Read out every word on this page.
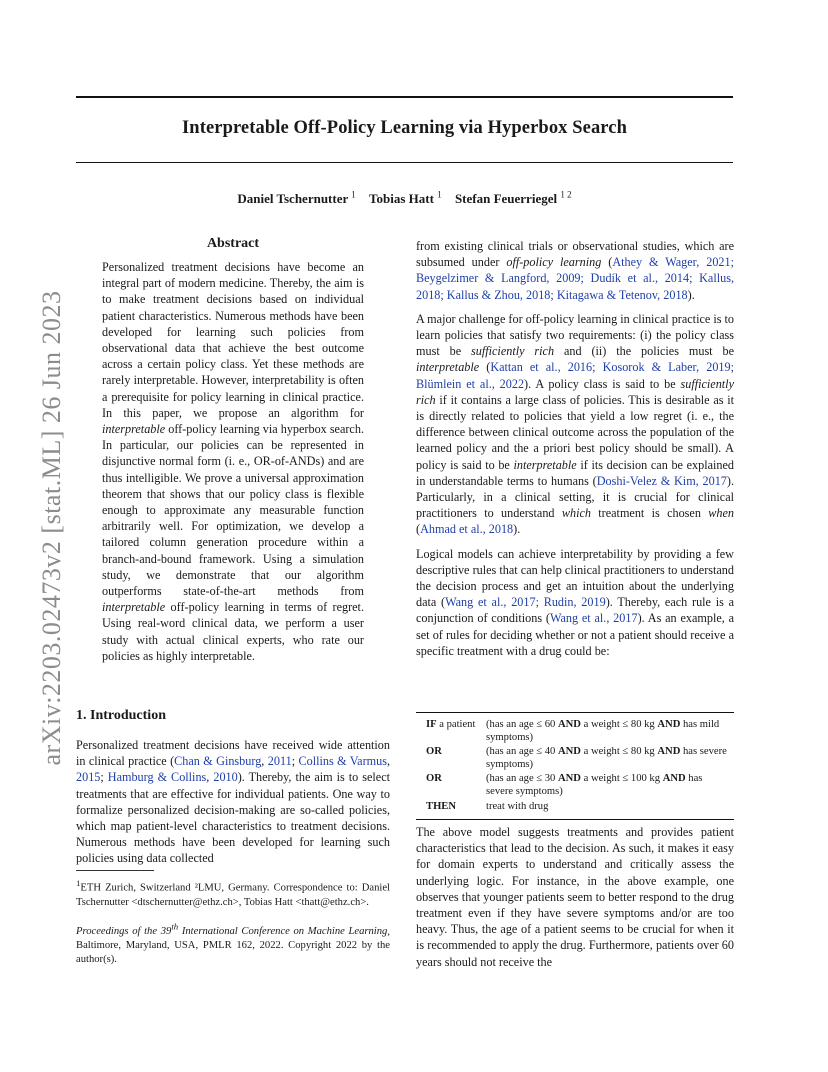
arXiv:2203.02473v2 [stat.ML] 26 Jun 2023
Interpretable Off-Policy Learning via Hyperbox Search
Daniel Tschernutter $^1$ Tobias Hatt $^1$ Stefan Feuerriegel $^{1 2}$
Abstract
Personalized treatment decisions have become an integral part of modern medicine. Thereby, the aim is to make treatment decisions based on individual patient characteristics. Numerous methods have been developed for learning such policies from observational data that achieve the best outcome across a certain policy class. Yet these methods are rarely interpretable. However, interpretability is often a prerequisite for policy learning in clinical practice. In this paper, we propose an algorithm for interpretable off-policy learning via hyperbox search. In particular, our policies can be represented in disjunctive normal form (i. e., OR-of-ANDs) and are thus intelligible. We prove a universal approximation theorem that shows that our policy class is flexible enough to approximate any measurable function arbitrarily well. For optimization, we develop a tailored column generation procedure within a branch-and-bound framework. Using a simulation study, we demonstrate that our algorithm outperforms state-of-the-art methods from interpretable off-policy learning in terms of regret. Using real-word clinical data, we perform a user study with actual clinical experts, who rate our policies as highly interpretable.
1. Introduction
Personalized treatment decisions have received wide attention in clinical practice (Chan & Ginsburg, 2011; Collins & Varmus, 2015; Hamburg & Collins, 2010). Thereby, the aim is to select treatments that are effective for individual patients. One way to formalize personalized decision-making are so-called policies, which map patient-level characteristics to treatment decisions. Numerous methods have been developed for learning such policies using data collected

$^1$ETH Zurich, Switzerland ²LMU, Germany. Correspondence to: Daniel Tschernutter <dtschernutter@ethz.ch>, Tobias Hatt <thatt@ethz.ch>.

Proceedings of the 39th International Conference on Machine Learning, Baltimore, Maryland, USA, PMLR 162, 2022. Copyright 2022 by the author(s).

from existing clinical trials or observational studies, which are subsumed under off-policy learning (Athey & Wager, 2021; Beygelzimer & Langford, 2009; Dudík et al., 2014; Kallus, 2018; Kallus & Zhou, 2018; Kitagawa & Tetenov, 2018).

A major challenge for off-policy learning in clinical practice is to learn policies that satisfy two requirements: (i) the policy class must be sufficiently rich and (ii) the policies must be interpretable (Kattan et al., 2016; Kosorok & Laber, 2019; Blümlein et al., 2022). A policy class is said to be sufficiently rich if it contains a large class of policies. This is desirable as it is directly related to policies that yield a low regret (i. e., the difference between clinical outcome across the population of the learned policy and the a priori best policy should be small). A policy is said to be interpretable if its decision can be explained in understandable terms to humans (Doshi-Velez & Kim, 2017). Particularly, in a clinical setting, it is crucial for clinical practitioners to understand which treatment is chosen when (Ahmad et al., 2018).

Logical models can achieve interpretability by providing a few descriptive rules that can help clinical practitioners to understand the decision process and get an intuition about the underlying data (Wang et al., 2017; Rudin, 2019). Thereby, each rule is a conjunction of conditions (Wang et al., 2017). As an example, a set of rules for deciding whether or not a patient should receive a specific treatment with a drug could be:

IF a patient (has an age ≤ 60 AND a weight ≤ 80 kg AND has mild symptoms)
OR	(has an age ≤ 40 AND a weight ≤ 80 kg AND has severe symptoms)
OR	(has an age ≤ 30 AND a weight ≤ 100 kg AND has severe symptoms)
THEN	treat with drug

The above model suggests treatments and provides patient characteristics that lead to the decision. As such, it makes it easy for domain experts to understand and critically assess the underlying logic. For instance, in the above example, one observes that younger patients seem to better respond to the drug treatment even if they have severe symptoms and/or are too heavy. Thus, the age of a patient seems to be crucial for when it is recommended to apply the drug. Furthermore, patients over 60 years should not receive the
